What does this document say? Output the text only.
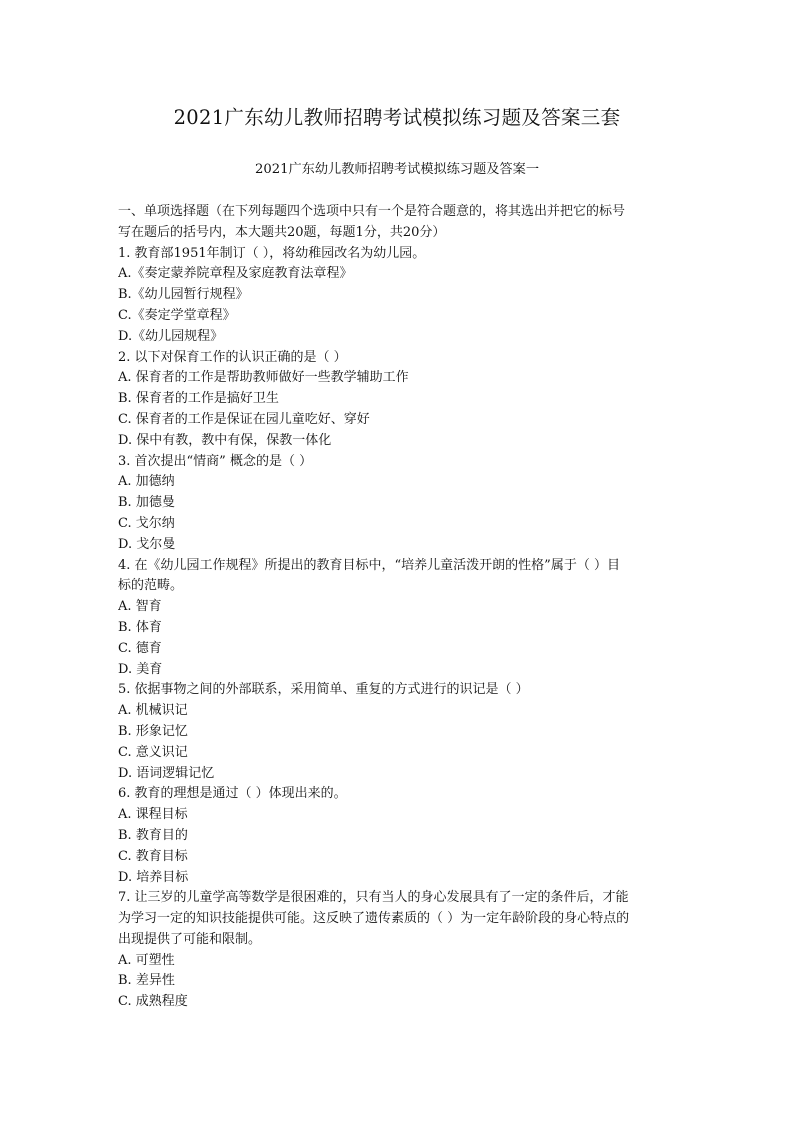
2021广东幼儿教师招聘考试模拟练习题及答案三套
2021广东幼儿教师招聘考试模拟练习题及答案一
一、单项选择题（在下列每题四个选项中只有一个是符合题意的，将其选出并把它的标号
写在题后的括号内，本大题共20题，每题1分，共20分）
1. 教育部1951年制订（ ），将幼稚园改名为幼儿园。
A.《奏定蒙养院章程及家庭教育法章程》
B.《幼儿园暂行规程》
C.《奏定学堂章程》
D.《幼儿园规程》
2. 以下对保育工作的认识正确的是（ ）
A. 保育者的工作是帮助教师做好一些教学辅助工作
B. 保育者的工作是搞好卫生
C. 保育者的工作是保证在园儿童吃好、穿好
D. 保中有教，教中有保，保教一体化
3. 首次提出“情商” 概念的是（ ）
A. 加德纳
B. 加德曼
C. 戈尔纳
D. 戈尔曼
4. 在《幼儿园工作规程》所提出的教育目标中，“培养儿童活泼开朗的性格”属于（ ）目
标的范畴。
A. 智育
B. 体育
C. 德育
D. 美育
5. 依据事物之间的外部联系，采用简单、重复的方式进行的识记是（ ）
A. 机械识记
B. 形象记忆
C. 意义识记
D. 语词逻辑记忆
6. 教育的理想是通过（ ）体现出来的。
A. 课程目标
B. 教育目的
C. 教育目标
D. 培养目标
7. 让三岁的儿童学高等数学是很困难的，只有当人的身心发展具有了一定的条件后，才能
为学习一定的知识技能提供可能。这反映了遗传素质的（ ）为一定年龄阶段的身心特点的
出现提供了可能和限制。
A. 可塑性
B. 差异性
C. 成熟程度
